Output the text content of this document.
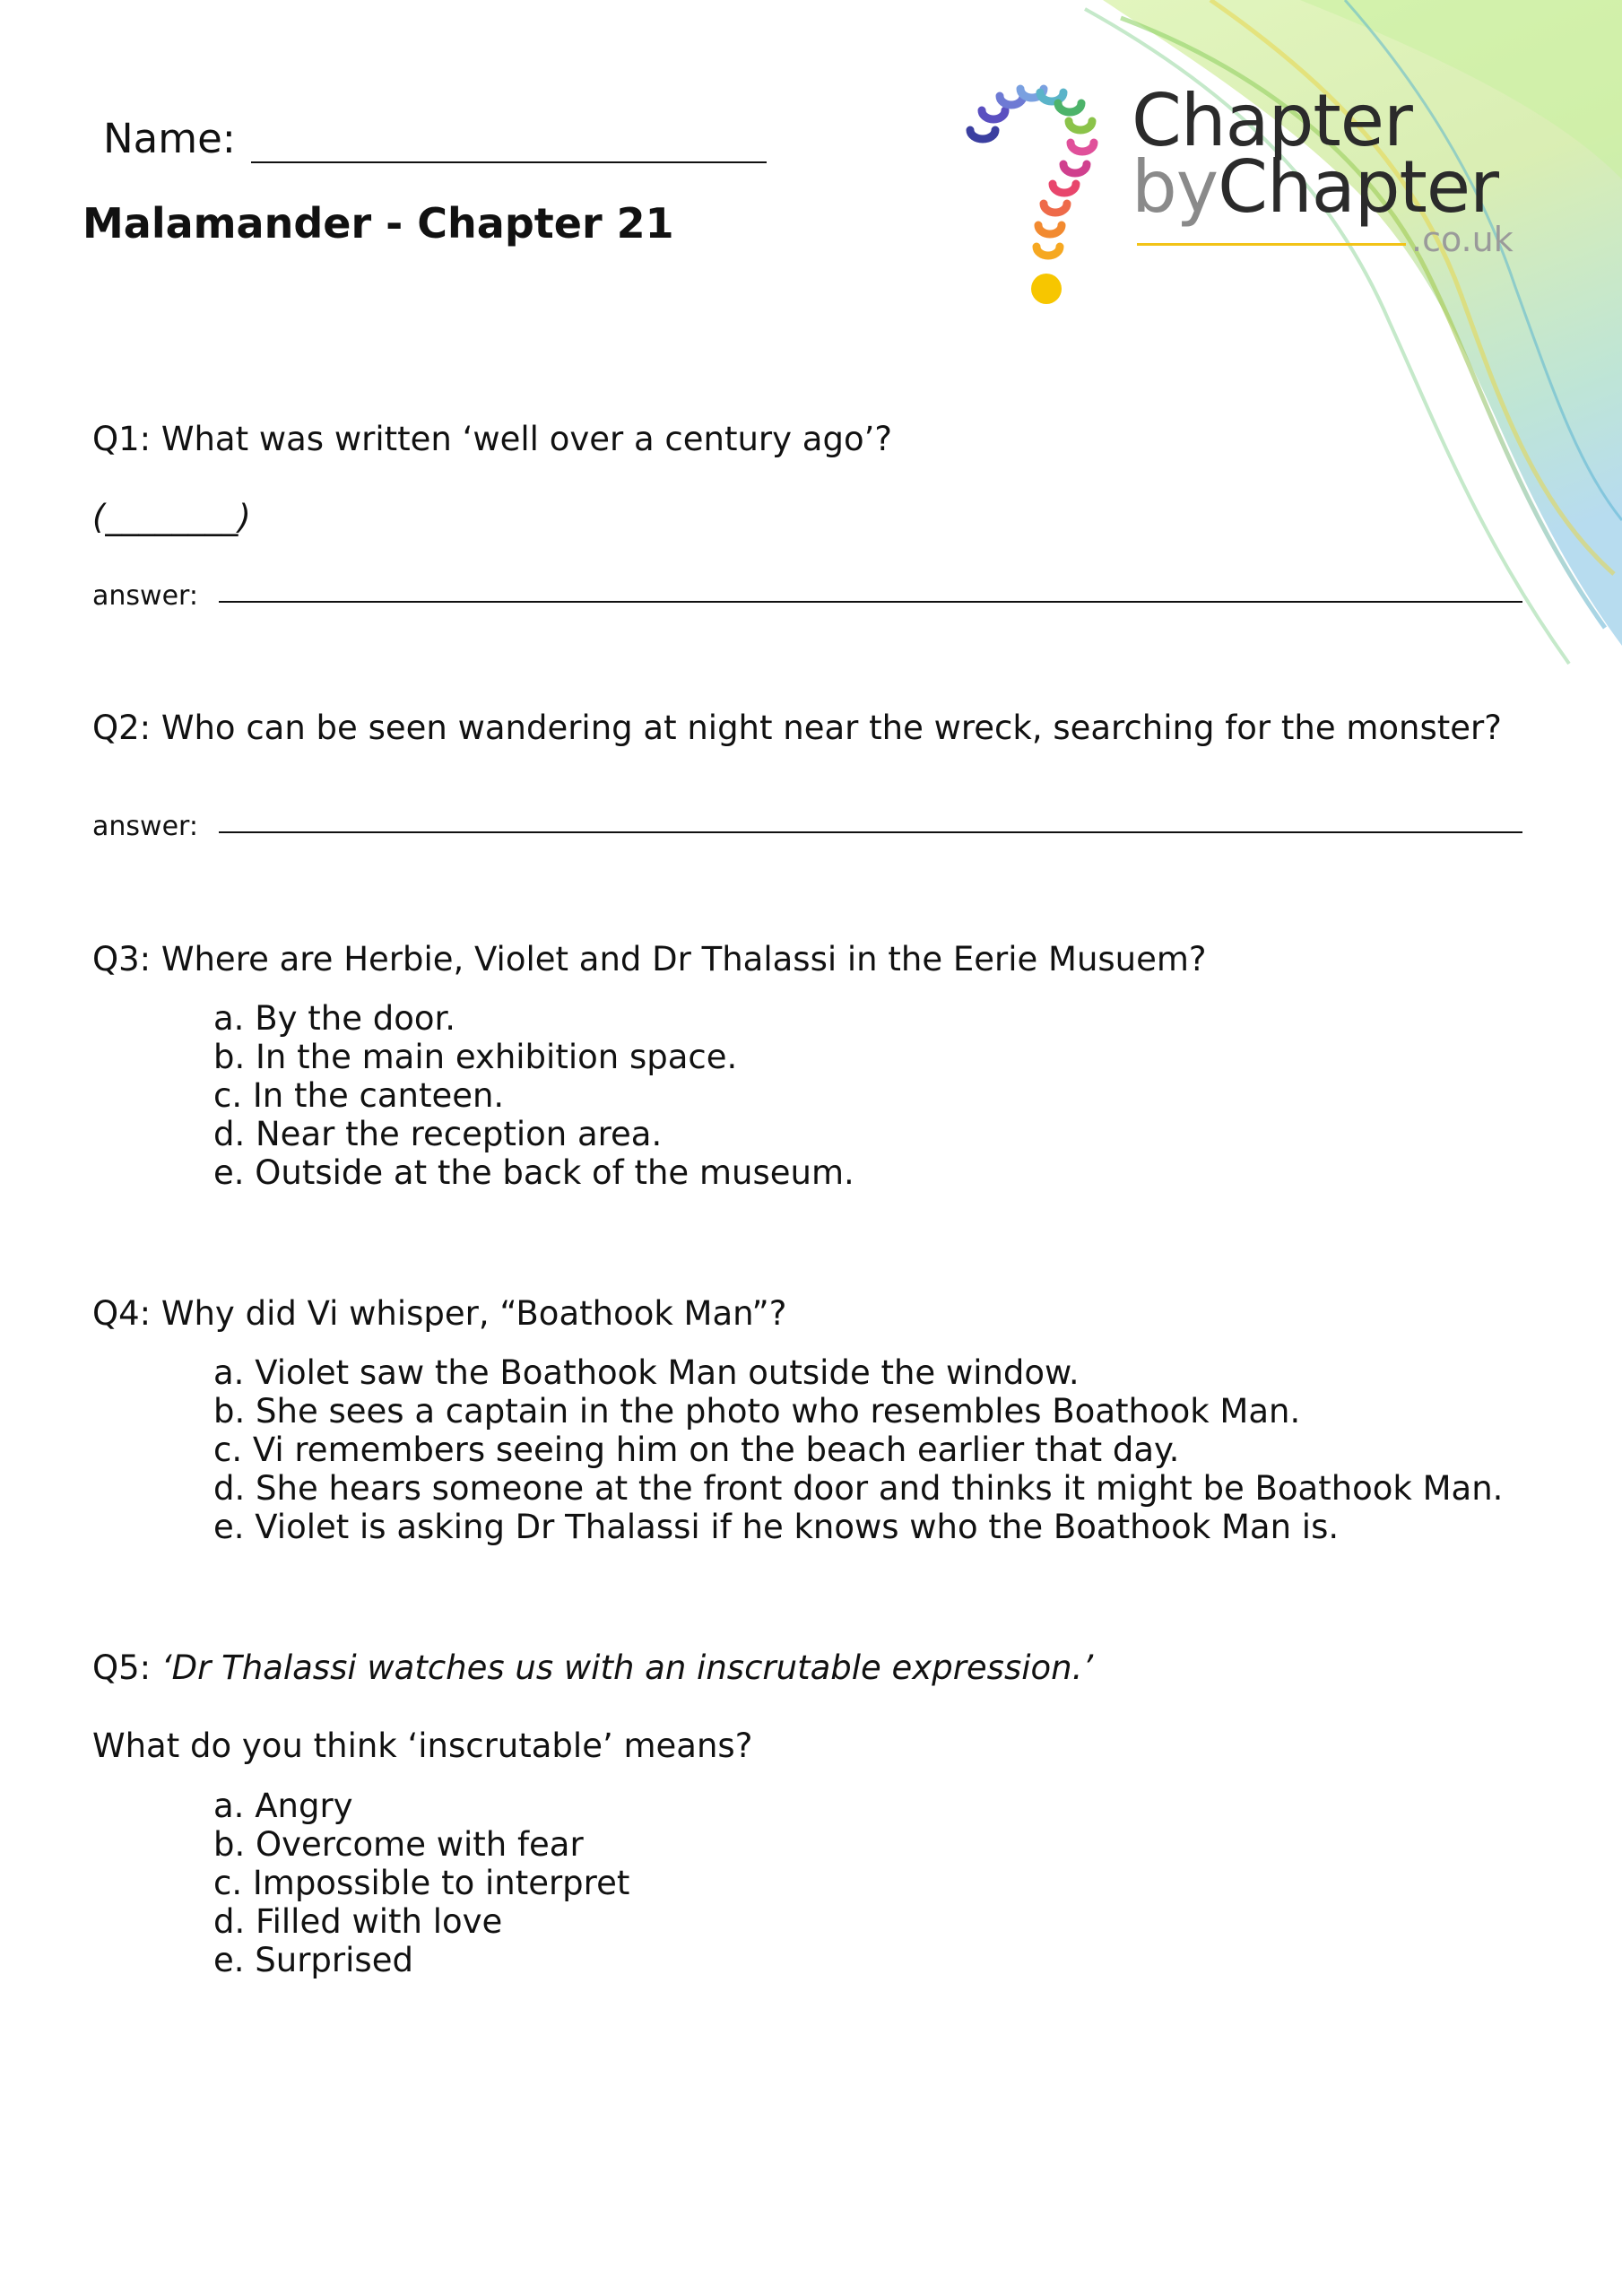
Chapter
byChapter
.co.uk
Name:
Malamander - Chapter 21
Q1: What was written ‘well over a century ago’?
(________)
answer:
Q2: Who can be seen wandering at night near the wreck, searching for the monster?
answer:
Q3: Where are Herbie, Violet and Dr Thalassi in the Eerie Musuem?
a. By the door.
b. In the main exhibition space.
c. In the canteen.
d. Near the reception area.
e. Outside at the back of the museum.
Q4: Why did Vi whisper, “Boathook Man”?
a. Violet saw the Boathook Man outside the window.
b. She sees a captain in the photo who resembles Boathook Man.
c. Vi remembers seeing him on the beach earlier that day.
d. She hears someone at the front door and thinks it might be Boathook Man.
e. Violet is asking Dr Thalassi if he knows who the Boathook Man is.
Q5: ‘Dr Thalassi watches us with an inscrutable expression.’
What do you think ‘inscrutable’ means?
a. Angry
b. Overcome with fear
c. Impossible to interpret
d. Filled with love
e. Surprised
